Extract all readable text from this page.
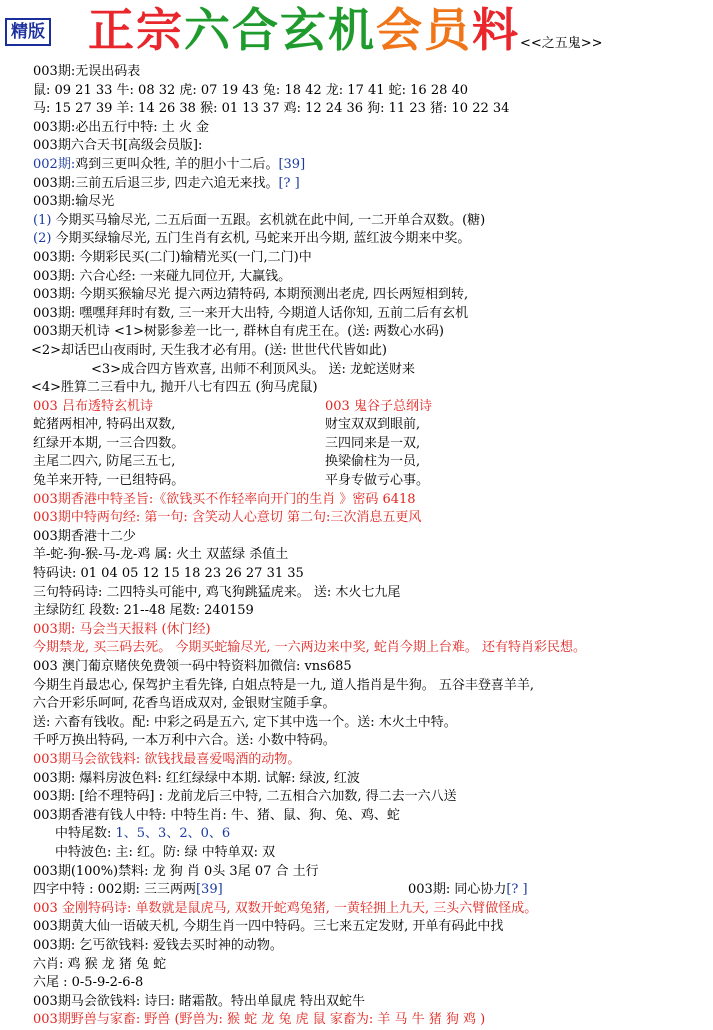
精版 正宗六合玄机会员料 <<之五鬼>>
003期:无误出码表
鼠: 09 21 33 牛: 08 32 虎: 07 19 43 兔: 18 42 龙: 17 41 蛇: 16 28 40
马: 15 27 39 羊: 14 26 38 猴: 01 13 37 鸡: 12 24 36 狗: 11 23 猪: 10 22 34
003期:必出五行中特: 土 火 金
003期六合天书[高级会员版]:
002期:鸡到三更叫众牲, 羊的胆小十二后。[39]
003期:三前五后退三步, 四走六追无来找。[? ]
003期:输尽光
(1) 今期买马输尽光, 二五后面一五跟。玄机就在此中间, 一二开单合双数。(糖)
(2) 今期买绿输尽光, 五门生肖有玄机, 马蛇来开出今期, 蓝红波今期来中奖。
003期: 今期彩民买(二门)输精光买(一门,二门)中
003期: 六合心经: 一来碰九同位开, 大赢钱。
003期: 今期买猴输尽光 提六两边猜特码, 本期预测出老虎, 四长两短相到转,
003期: 嘿嘿拜拜时有数, 三一来开大出特, 今期道人话你知, 五前二后有玄机
003期天机诗 <1>树影参差一比一, 群林自有虎王在。(送: 两数心水码)
<2>却话巴山夜雨时, 天生我才必有用。(送: 世世代代皆如此)
<3>成合四方皆欢喜, 出师不利顶风头。 送: 龙蛇送财来
<4>胜算二三看中九, 抛开八七有四五 (狗马虎鼠)
003 吕布透特玄机诗	003 鬼谷子总纲诗
蛇猪两相冲, 特码出双数,	财宝双双到眼前,
红绿开本期, 一三合四数。	三四同来是一双,
主尾二四六, 防尾三五七,	换梁偷柱为一员,
兔羊来开特, 一已组特码。	平身专做亏心事。
003期香港中特圣旨:《欲钱买不作轻率向开门的生肖 》密码 6418
003期中特两句经: 第一句: 含笑动人心意切 第二句:三次消息五更风
003期香港十二少
羊-蛇-狗-猴-马-龙-鸡 属: 火土 双蓝绿 杀值土
特码诀: 01 04 05 12 15 18 23 26 27 31 35
三句特码诗: 二四特头可能中, 鸡飞狗跳猛虎来。 送: 木火七九尾
主绿防红 段数: 21--48 尾数: 240159
003期: 马会当天报料 (休门经)
今期禁龙, 买三码去死。 今期买蛇输尽光, 一六两边来中奖, 蛇肖今期上台难。 还有特肖彩民想。
003 澳门葡京赌侠免费领一码中特资料加微信: vns685
今期生肖最忠心, 保驾护主看先锋, 白姐点特是一九, 道人指肖是牛狗。 五谷丰登喜羊羊,
六合开彩乐呵呵, 花香鸟语成双对, 金银财宝随手拿。
送: 六畜有钱收。配: 中彩之码是五六, 定下其中选一个。送: 木火土中特。
千呼万换出特码, 一本万利中六合。送: 小数中特码。
003期马会欲钱料: 欲钱找最喜爱喝酒的动物。
003期: 爆料房波色料: 红红绿绿中本期. 试解: 绿波, 红波
003期: [给不理特码] : 龙前龙后三中特, 二五相合六加数, 得二去一六八送
003期香港有钱人中特: 中特生肖: 牛、猪、鼠、狗、兔、鸡、蛇
中特尾数: 1、5、3、2、0、6
中特波色: 主: 红。防: 绿 中特单双: 双
003期(100%)禁料: 龙 狗 肖 0头 3尾 07 合 土行
四字中特 : 002期: 三三两两[39]	003期: 同心协力[? ]
003 金刚特码诗: 单数就是鼠虎马, 双数开蛇鸡兔猪, 一黄轻拥上九天, 三头六臂做怪成。
003期黄大仙一语破天机, 今期生肖一四中特码。三七来五定发财, 开单有码此中找
003期: 乞丐欲钱料: 爱钱去买时神的动物。
六肖: 鸡 猴 龙 猪 兔 蛇
六尾 : 0-5-9-2-6-8
003期马会欲钱料: 诗曰: 睹霜散。特出单鼠虎 特出双蛇牛
003期野兽与家畜: 野兽 (野兽为: 猴 蛇 龙 兔 虎 鼠 家畜为: 羊 马 牛 猪 狗 鸡 )
